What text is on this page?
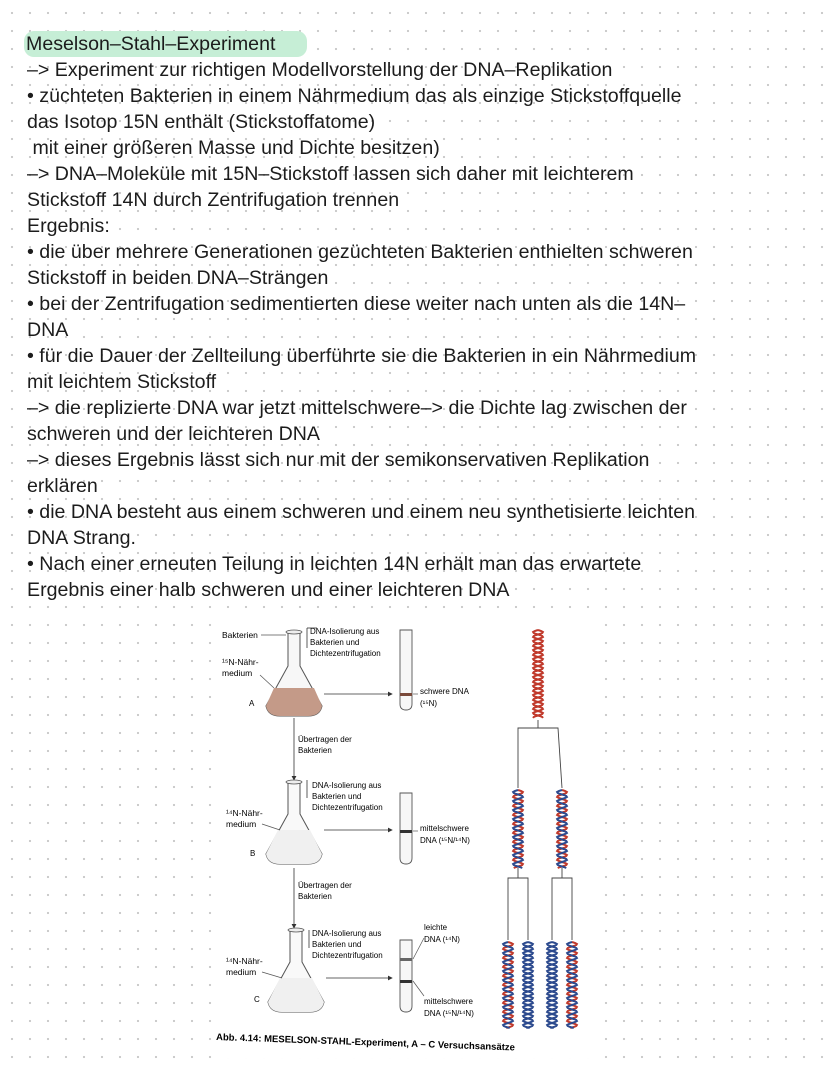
Meselson–Stahl–Experiment
–> Experiment zur richtigen Modellvorstellung der DNA–Replikation
• züchteten Bakterien in einem Nährmedium das als einzige Stickstoffquelle
das Isotop 15N enthält (Stickstoffatome)
mit einer größeren Masse und Dichte besitzen)
–> DNA–Moleküle mit 15N–Stickstoff lassen sich daher mit leichterem
Stickstoff 14N durch Zentrifugation trennen
Ergebnis:
• die über mehrere Generationen gezüchteten Bakterien enthielten schweren
Stickstoff in beiden DNA–Strängen
• bei der Zentrifugation sedimentierten diese weiter nach unten als die 14N–
DNA
• für die Dauer der Zellteilung überführte sie die Bakterien in ein Nährmedium
mit leichtem Stickstoff
–> die replizierte DNA war jetzt mittelschwere–> die Dichte lag zwischen der
schweren und der leichteren DNA
–> dieses Ergebnis lässt sich nur mit der semikonservativen Replikation
erklären
• die DNA besteht aus einem schweren und einem neu synthetisierte leichten
DNA Strang.
• Nach einer erneuten Teilung in leichten 14N erhält man das erwartete
Ergebnis einer halb schweren und einer leichteren DNA
Bakterien
¹⁵N-Nähr-
medium
A
DNA-Isolierung aus
Bakterien und
Dichtezentrifugation
schwere DNA
(¹⁵N)
Übertragen der
Bakterien
¹⁴N-Nähr-
medium
B
DNA-Isolierung aus
Bakterien und
Dichtezentrifugation
mittelschwere
DNA (¹⁵N/¹⁴N)
Übertragen der
Bakterien
¹⁴N-Nähr-
medium
C
DNA-Isolierung aus
Bakterien und
Dichtezentrifugation
leichte
DNA (¹⁴N)
mittelschwere
DNA (¹⁵N/¹⁴N)
Abb. 4.14: MESELSON-STAHL-Experiment, A – C Versuchsansätze
